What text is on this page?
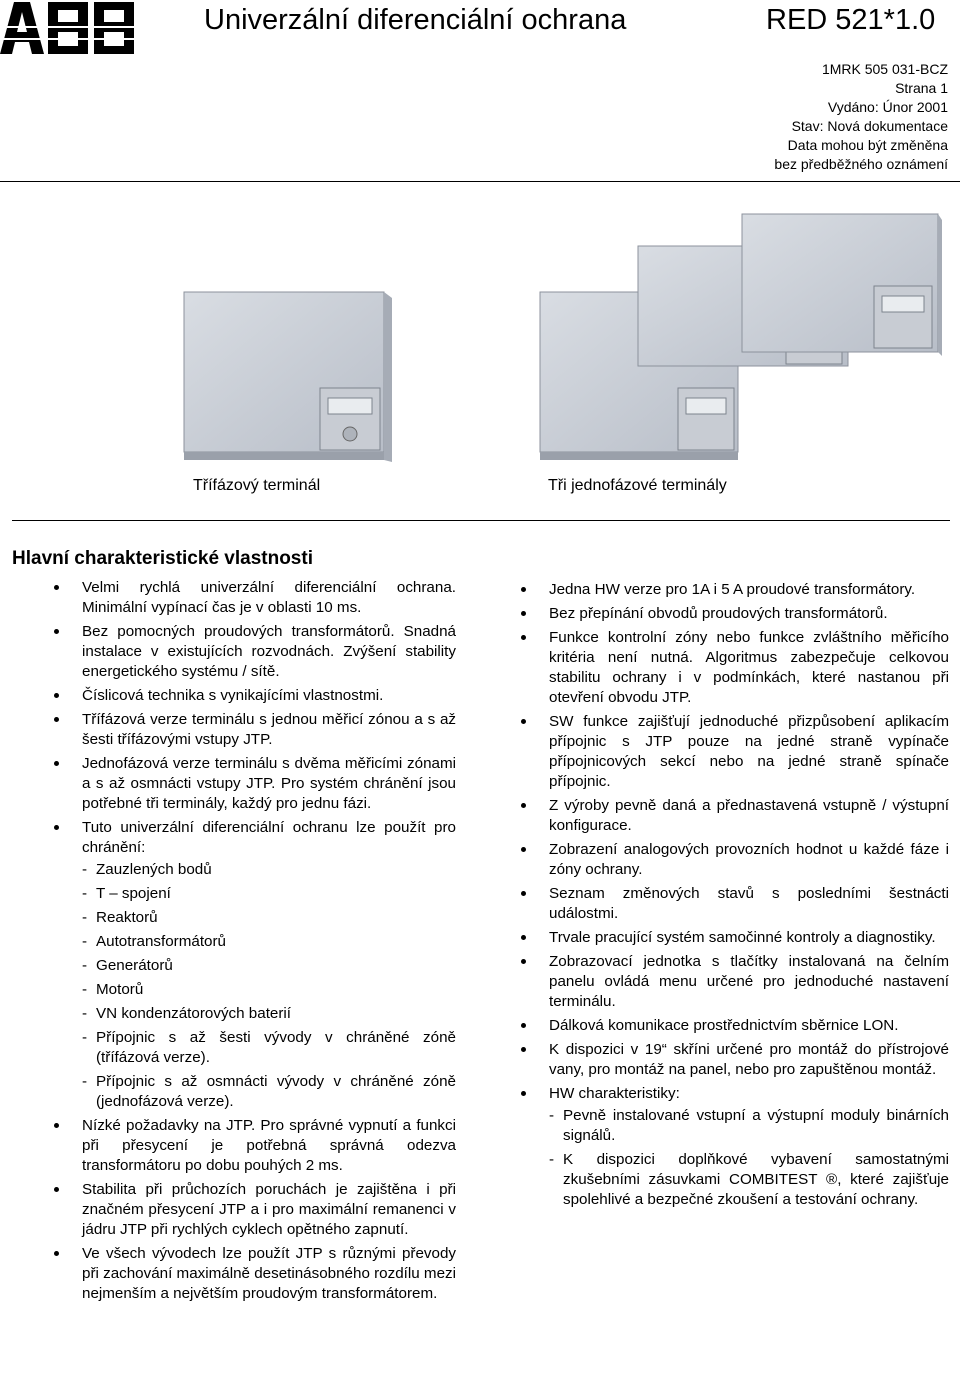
Univerzální diferenciální ochrana	RED 521*1.0
1MRK 505 031-BCZ
Strana 1
Vydáno: Únor 2001
Stav: Nová dokumentace
Data mohou být změněna
bez předběžného oznámení
Třífázový terminál	Tři jednofázové terminály
Hlavní charakteristické vlastnosti
Velmi rychlá univerzální diferenciální ochrana. Minimální vypínací čas je v oblasti 10 ms.
Bez pomocných proudových transformátorů. Snadná instalace v existujících rozvodnách. Zvýšení stability energetického systému / sítě.
Číslicová technika s vynikajícími vlastnostmi.
Třífázová verze terminálu s jednou měřicí zónou a s až šesti třífázovými vstupy JTP.
Jednofázová verze terminálu s dvěma měřicími zónami a s až osmnácti vstupy JTP. Pro systém chránění jsou potřebné tři terminály, každý pro jednu fázi.
Tuto univerzální diferenciální ochranu lze použít pro chránění:
- Zauzlených bodů
- T – spojení
- Reaktorů
- Autotransformátorů
- Generátorů
- Motorů
- VN kondenzátorových baterií
- Přípojnic s až šesti vývody v chráněné zóně (třífázová verze).
- Přípojnic s až osmnácti vývody v chráněné zóně (jednofázová verze).
Nízké požadavky na JTP. Pro správné vypnutí a funkci při přesycení je potřebná správná odezva transformátoru po dobu pouhých 2 ms.
Stabilita při průchozích poruchách je zajištěna i při značném přesycení JTP a i pro maximální remanenci v jádru JTP při rychlých cyklech opětného zapnutí.
Ve všech vývodech lze použít JTP s různými převody při zachování maximálně desetinásobného rozdílu mezi nejmenším a největším proudovým transformátorem.
Jedna HW verze pro 1A i 5 A proudové transformátory.
Bez přepínání obvodů proudových transformátorů.
Funkce kontrolní zóny nebo funkce zvláštního měřicího kritéria není nutná. Algoritmus zabezpečuje celkovou stabilitu ochrany i v podmínkách, které nastanou při otevření obvodu JTP.
SW funkce zajišťují jednoduché přizpůsobení aplikacím přípojnic s JTP pouze na jedné straně vypínače přípojnicových sekcí nebo na jedné straně spínače přípojnic.
Z výroby pevně daná a přednastavená vstupně / výstupní konfigurace.
Zobrazení analogových provozních hodnot u každé fáze i zóny ochrany.
Seznam změnových stavů s posledními šestnácti událostmi.
Trvale pracující systém samočinné kontroly a diagnostiky.
Zobrazovací jednotka s tlačítky instalovaná na čelním panelu ovládá menu určené pro jednoduché nastavení terminálu.
Dálková komunikace prostřednictvím sběrnice LON.
K dispozici v 19“ skříni určené pro montáž do přístrojové vany, pro montáž na panel, nebo pro zapuštěnou montáž.
HW charakteristiky:
- Pevně instalované vstupní a výstupní moduly binárních signálů.
- K dispozici doplňkové vybavení samostatnými zkušebními zásuvkami COMBITEST ®, které zajišťuje spolehlivé a bezpečné zkoušení a testování ochrany.
